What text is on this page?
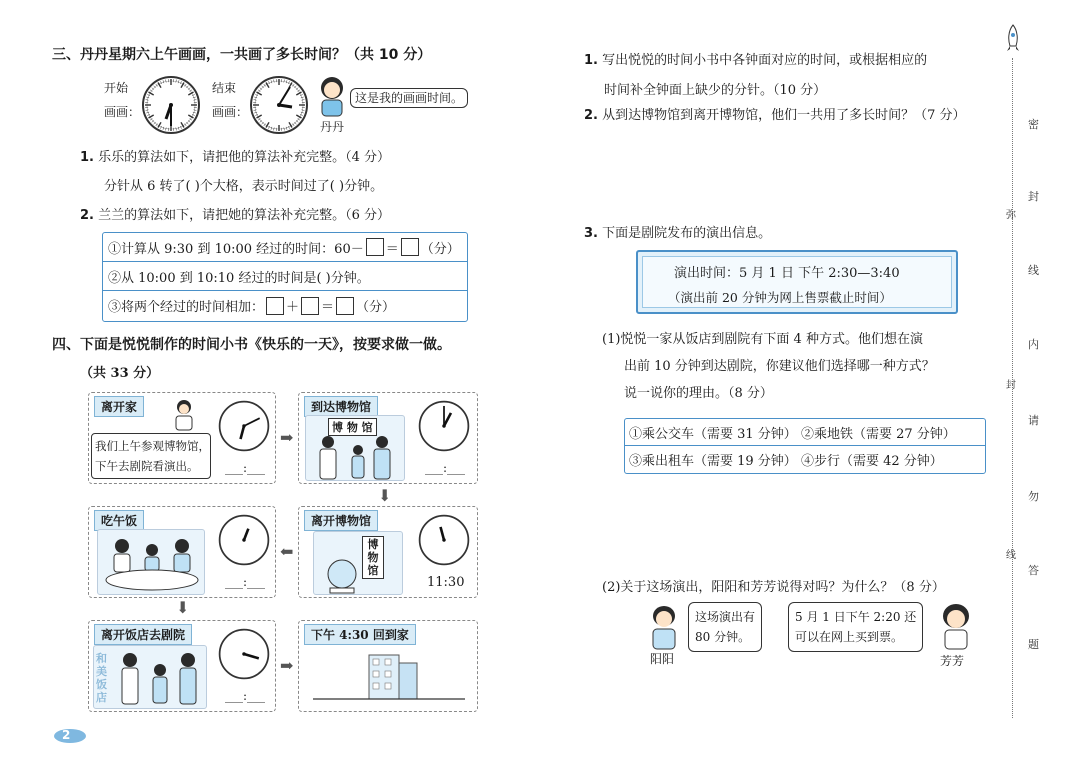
三、丹丹星期六上午画画，一共画了多长时间？（共 10 分）
开始
画画：
结束
画画：
这是我的画画时间。
丹丹
1. 乐乐的算法如下，请把他的算法补充完整。（4 分）
分针从 6 转了( )个大格，表示时间过了( )分钟。
2. 兰兰的算法如下，请把她的算法补充完整。（6 分）
①计算从 9:30 到 10:00 经过的时间：60－ ＝ （分）
②从 10:00 到 10:10 经过的时间是( )分钟。
③将两个经过的时间相加： ＋ ＝ （分）
四、下面是悦悦制作的时间小书《快乐的一天》，按要求做一做。
（共 33 分）
离开家
我们上午参观博物馆，
下午去剧院看演出。	___:___
➡
到达博物馆
博 物 馆
___:___
⬇
吃午饭
___:___
⬅
离开博物馆
博物馆
11:30
⬇
离开饭店去剧院
和美饭店	___:___
➡
下午 4:30 回到家
2
1. 写出悦悦的时间小书中各钟面对应的时间，或根据相应的
时间补全钟面上缺少的分针。（10 分）
2. 从到达博物馆到离开博物馆，他们一共用了多长时间？（7 分）
3. 下面是剧院发布的演出信息。
演出时间：5 月 1 日 下午 2:30—3:40
（演出前 20 分钟为网上售票截止时间）
(1)悦悦一家从饭店到剧院有下面 4 种方式。他们想在演
出前 10 分钟到达剧院，你建议他们选择哪一种方式？
说一说你的理由。（8 分）
①乘公交车（需要 31 分钟） ②乘地铁（需要 27 分钟）
③乘出租车（需要 19 分钟） ④步行（需要 42 分钟）
(2)关于这场演出，阳阳和芳芳说得对吗？为什么？（8 分）
阳阳
这场演出有
80 分钟。
5 月 1 日下午 2:20 还
可以在网上买到票。
芳芳
弥
封
线
密
封
线
内
请
勿
答
题
